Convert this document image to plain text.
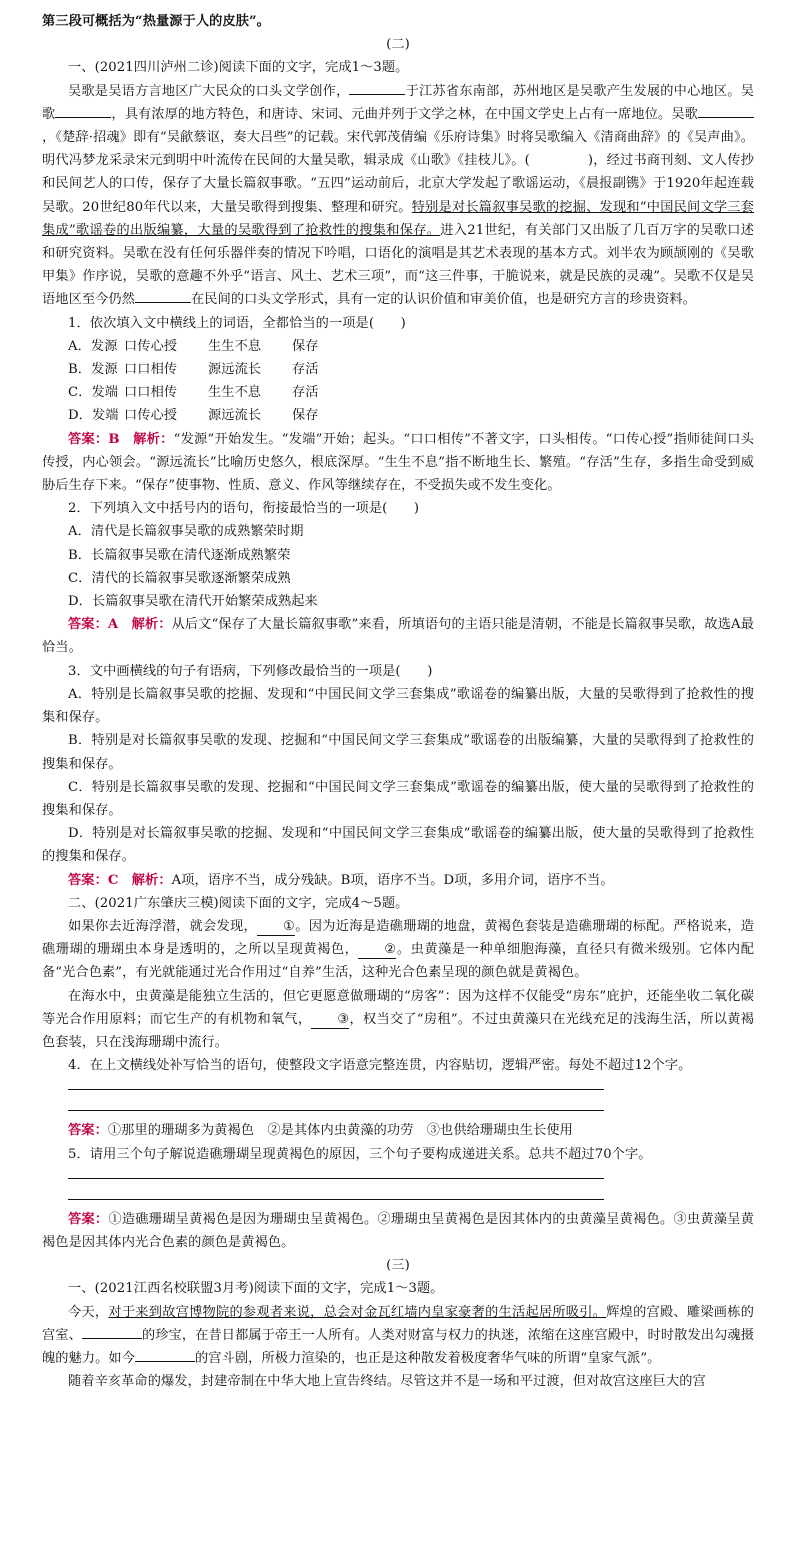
第三段可概括为“热量源于人的皮肤”。

(二)

一、(2021四川泸州二诊)阅读下面的文字，完成1～3题。

吴歌是吴语方言地区广大民众的口头文学创作，	于江苏省东南部，苏州地区是吴歌产生发展的中心地区。吴歌	，具有浓厚的地方特色，和唐诗、宋词、元曲并列于文学之林，在中国文学史上占有一席地位。吴歌，《楚辞·招魂》即有“吴歈蔡讴，奏大吕些”的记载。宋代郭茂倩编《乐府诗集》时将吴歌编入《清商曲辞》的《吴声曲》。明代冯梦龙采录宋元到明中叶流传在民间的大量吴歌，辑录成《山歌》《挂枝儿》。(	)，经过书商刊刻、文人传抄和民间艺人的口传，保存了大量长篇叙事歌。“五四”运动前后，北京大学发起了歌谣运动，《晨报副镌》于1920年起连载吴歌。20世纪80年代以来，大量吴歌得到搜集、整理和研究。特别是对长篇叙事吴歌的挖掘、发现和“中国民间文学三套集成”歌谣卷的出版编纂，大量的吴歌得到了抢救性的搜集和保存。进入21世纪，有关部门又出版了几百万字的吴歌口述和研究资料。吴歌在没有任何乐器伴奏的情况下吟唱，口语化的演唱是其艺术表现的基本方式。刘半农为顾颉刚的《吴歌甲集》作序说，吴歌的意趣不外乎“语言、风土、艺术三项”，而“这三件事，干脆说来，就是民族的灵魂”。吴歌不仅是吴语地区至今仍然	在民间的口头文学形式，具有一定的认识价值和审美价值，也是研究方言的珍贵资料。

1．依次填入文中横线上的词语，全都恰当的一项是(　　)

A．发源 口传心授	生生不息	保存
B．发源 口口相传	源远流长	存活
C．发端 口口相传	生生不息	存活
D．发端 口传心授	源远流长	保存

答案：B　解析：“发源”开始发生。“发端”开始；起头。“口口相传”不著文字，口头相传。“口传心授”指师徒间口头传授，内心领会。“源远流长”比喻历史悠久，根底深厚。“生生不息”指不断地生长、繁殖。“存活”生存，多指生命受到威胁后生存下来。“保存”使事物、性质、意义、作风等继续存在，不受损失或不发生变化。

2．下列填入文中括号内的语句，衔接最恰当的一项是(　　)

A．清代是长篇叙事吴歌的成熟繁荣时期

B．长篇叙事吴歌在清代逐渐成熟繁荣

C．清代的长篇叙事吴歌逐渐繁荣成熟

D．长篇叙事吴歌在清代开始繁荣成熟起来

答案：A　解析：从后文“保存了大量长篇叙事歌”来看，所填语句的主语只能是清朝，不能是长篇叙事吴歌，故选A最恰当。

3．文中画横线的句子有语病，下列修改最恰当的一项是(　　)

A．特别是长篇叙事吴歌的挖掘、发现和“中国民间文学三套集成”歌谣卷的编纂出版，大量的吴歌得到了抢救性的搜集和保存。

B．特别是对长篇叙事吴歌的发现、挖掘和“中国民间文学三套集成”歌谣卷的出版编纂，大量的吴歌得到了抢救性的搜集和保存。

C．特别是长篇叙事吴歌的发现、挖掘和“中国民间文学三套集成”歌谣卷的编纂出版，使大量的吴歌得到了抢救性的搜集和保存。

D．特别是对长篇叙事吴歌的挖掘、发现和“中国民间文学三套集成”歌谣卷的编纂出版，使大量的吴歌得到了抢救性的搜集和保存。

答案：C　解析：A项，语序不当，成分残缺。B项，语序不当。D项，多用介词，语序不当。

二、(2021广东肇庆三模)阅读下面的文字，完成4～5题。

如果你去近海浮潜，就会发现， ①。因为近海是造礁珊瑚的地盘，黄褐色套装是造礁珊瑚的标配。严格说来，造礁珊瑚的珊瑚虫本身是透明的，之所以呈现黄褐色， ②。虫黄藻是一种单细胞海藻，直径只有微米级别。它体内配备“光合色素”，有光就能通过光合作用过“自养”生活，这种光合色素呈现的颜色就是黄褐色。

在海水中，虫黄藻是能独立生活的，但它更愿意做珊瑚的“房客”：因为这样不仅能受“房东”庇护，还能坐收二氧化碳等光合作用原料；而它生产的有机物和氧气， ③，权当交了“房租”。不过虫黄藻只在光线充足的浅海生活，所以黄褐色套装，只在浅海珊瑚中流行。

4．在上文横线处补写恰当的语句，使整段文字语意完整连贯，内容贴切，逻辑严密。每处不超过12个字。

答案：①那里的珊瑚多为黄褐色　②是其体内虫黄藻的功劳　③也供给珊瑚虫生长使用

5．请用三个句子解说造礁珊瑚呈现黄褐色的原因，三个句子要构成递进关系。总共不超过70个字。

答案：①造礁珊瑚呈黄褐色是因为珊瑚虫呈黄褐色。②珊瑚虫呈黄褐色是因其体内的虫黄藻呈黄褐色。③虫黄藻呈黄褐色是因其体内光合色素的颜色是黄褐色。

(三)

一、(2021江西名校联盟3月考)阅读下面的文字，完成1～3题。

今天，对于来到故宫博物院的参观者来说，总会对金瓦红墙内皇家豪奢的生活起居所吸引。辉煌的宫殿、雕梁画栋的宫室、	的珍宝，在昔日都属于帝王一人所有。人类对财富与权力的执迷，浓缩在这座宫殿中，时时散发出勾魂摄魄的魅力。如今	的宫斗剧，所极力渲染的，也正是这种散发着极度奢华气味的所谓“皇家气派”。

随着辛亥革命的爆发，封建帝制在中华大地上宣告终结。尽管这并不是一场和平过渡，但对故宫这座巨大的宫
